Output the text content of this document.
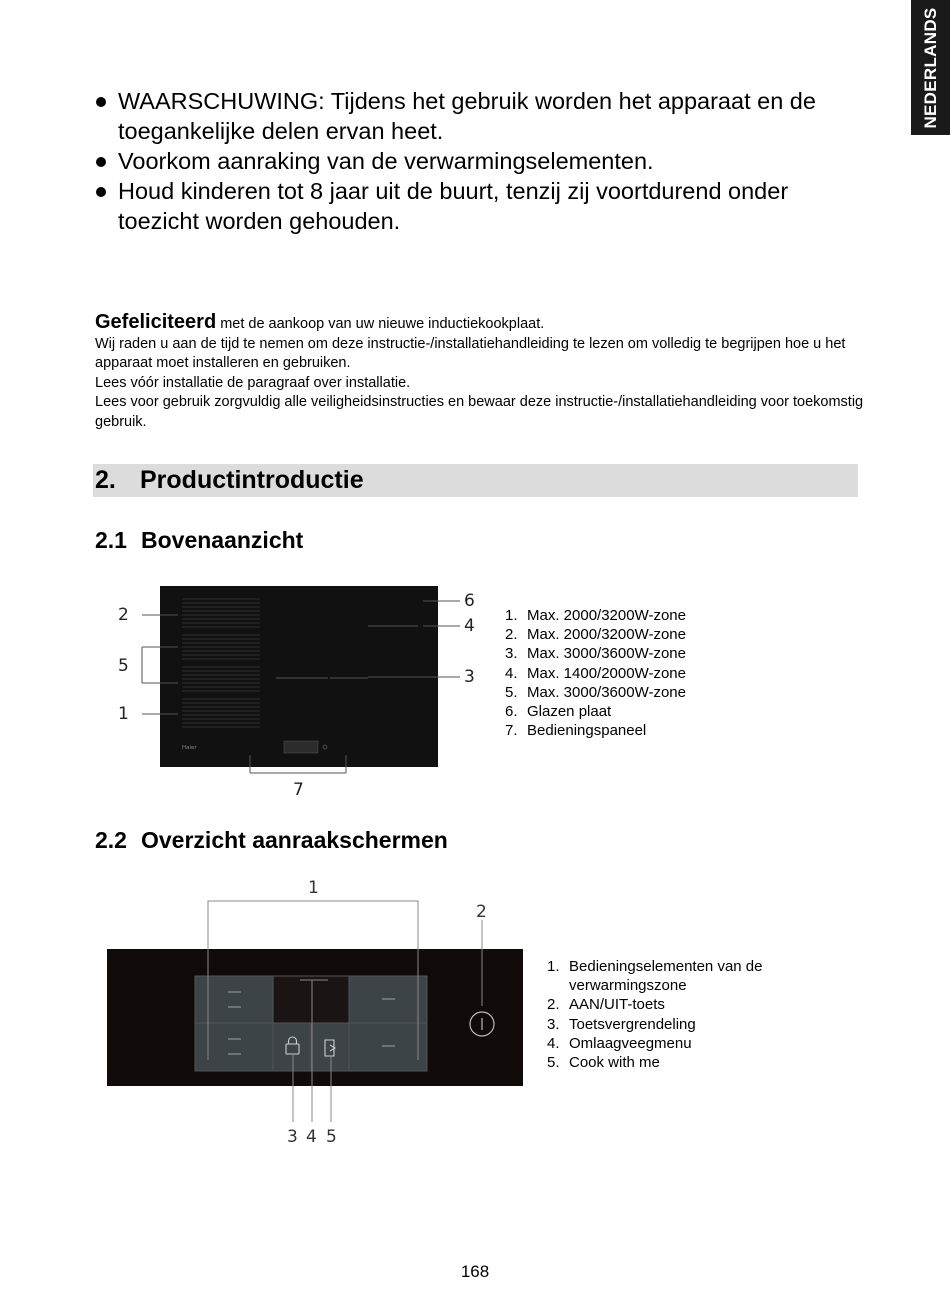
NEDERLANDS
WAARSCHUWING: Tijdens het gebruik worden het apparaat en de toegankelijke delen ervan heet.
Voorkom aanraking van de verwarmingselementen.
Houd kinderen tot 8 jaar uit de buurt, tenzij zij voortdurend onder toezicht worden gehouden.

Gefeliciteerd met de aankoop van uw nieuwe inductiekookplaat.

Wij raden u aan de tijd te nemen om deze instructie-/installatiehandleiding te lezen om volledig te begrijpen hoe u het apparaat moet installeren en gebruiken.

Lees vóór installatie de paragraaf over installatie.

Lees voor gebruik zorgvuldig alle veiligheidsinstructies en bewaar deze instructie-/installatiehandleiding voor toekomstig gebruik.

2. Productintroductie
2.1 Bovenaanzicht
Haier
2
5
1
6
4
3
7
1. Max. 2000/3200W-zone
2. Max. 2000/3200W-zone
3. Max. 3000/3600W-zone
4. Max. 1400/2000W-zone
5. Max. 3000/3600W-zone
6. Glazen plaat
7. Bedieningspaneel
2.2 Overzicht aanraakschermen
1
2
3 4 5
1. Bedieningselementen van de verwarmingszone
2. AAN/UIT-toets
3. Toetsvergrendeling
4. Omlaagveegmenu
5. Cook with me
168
